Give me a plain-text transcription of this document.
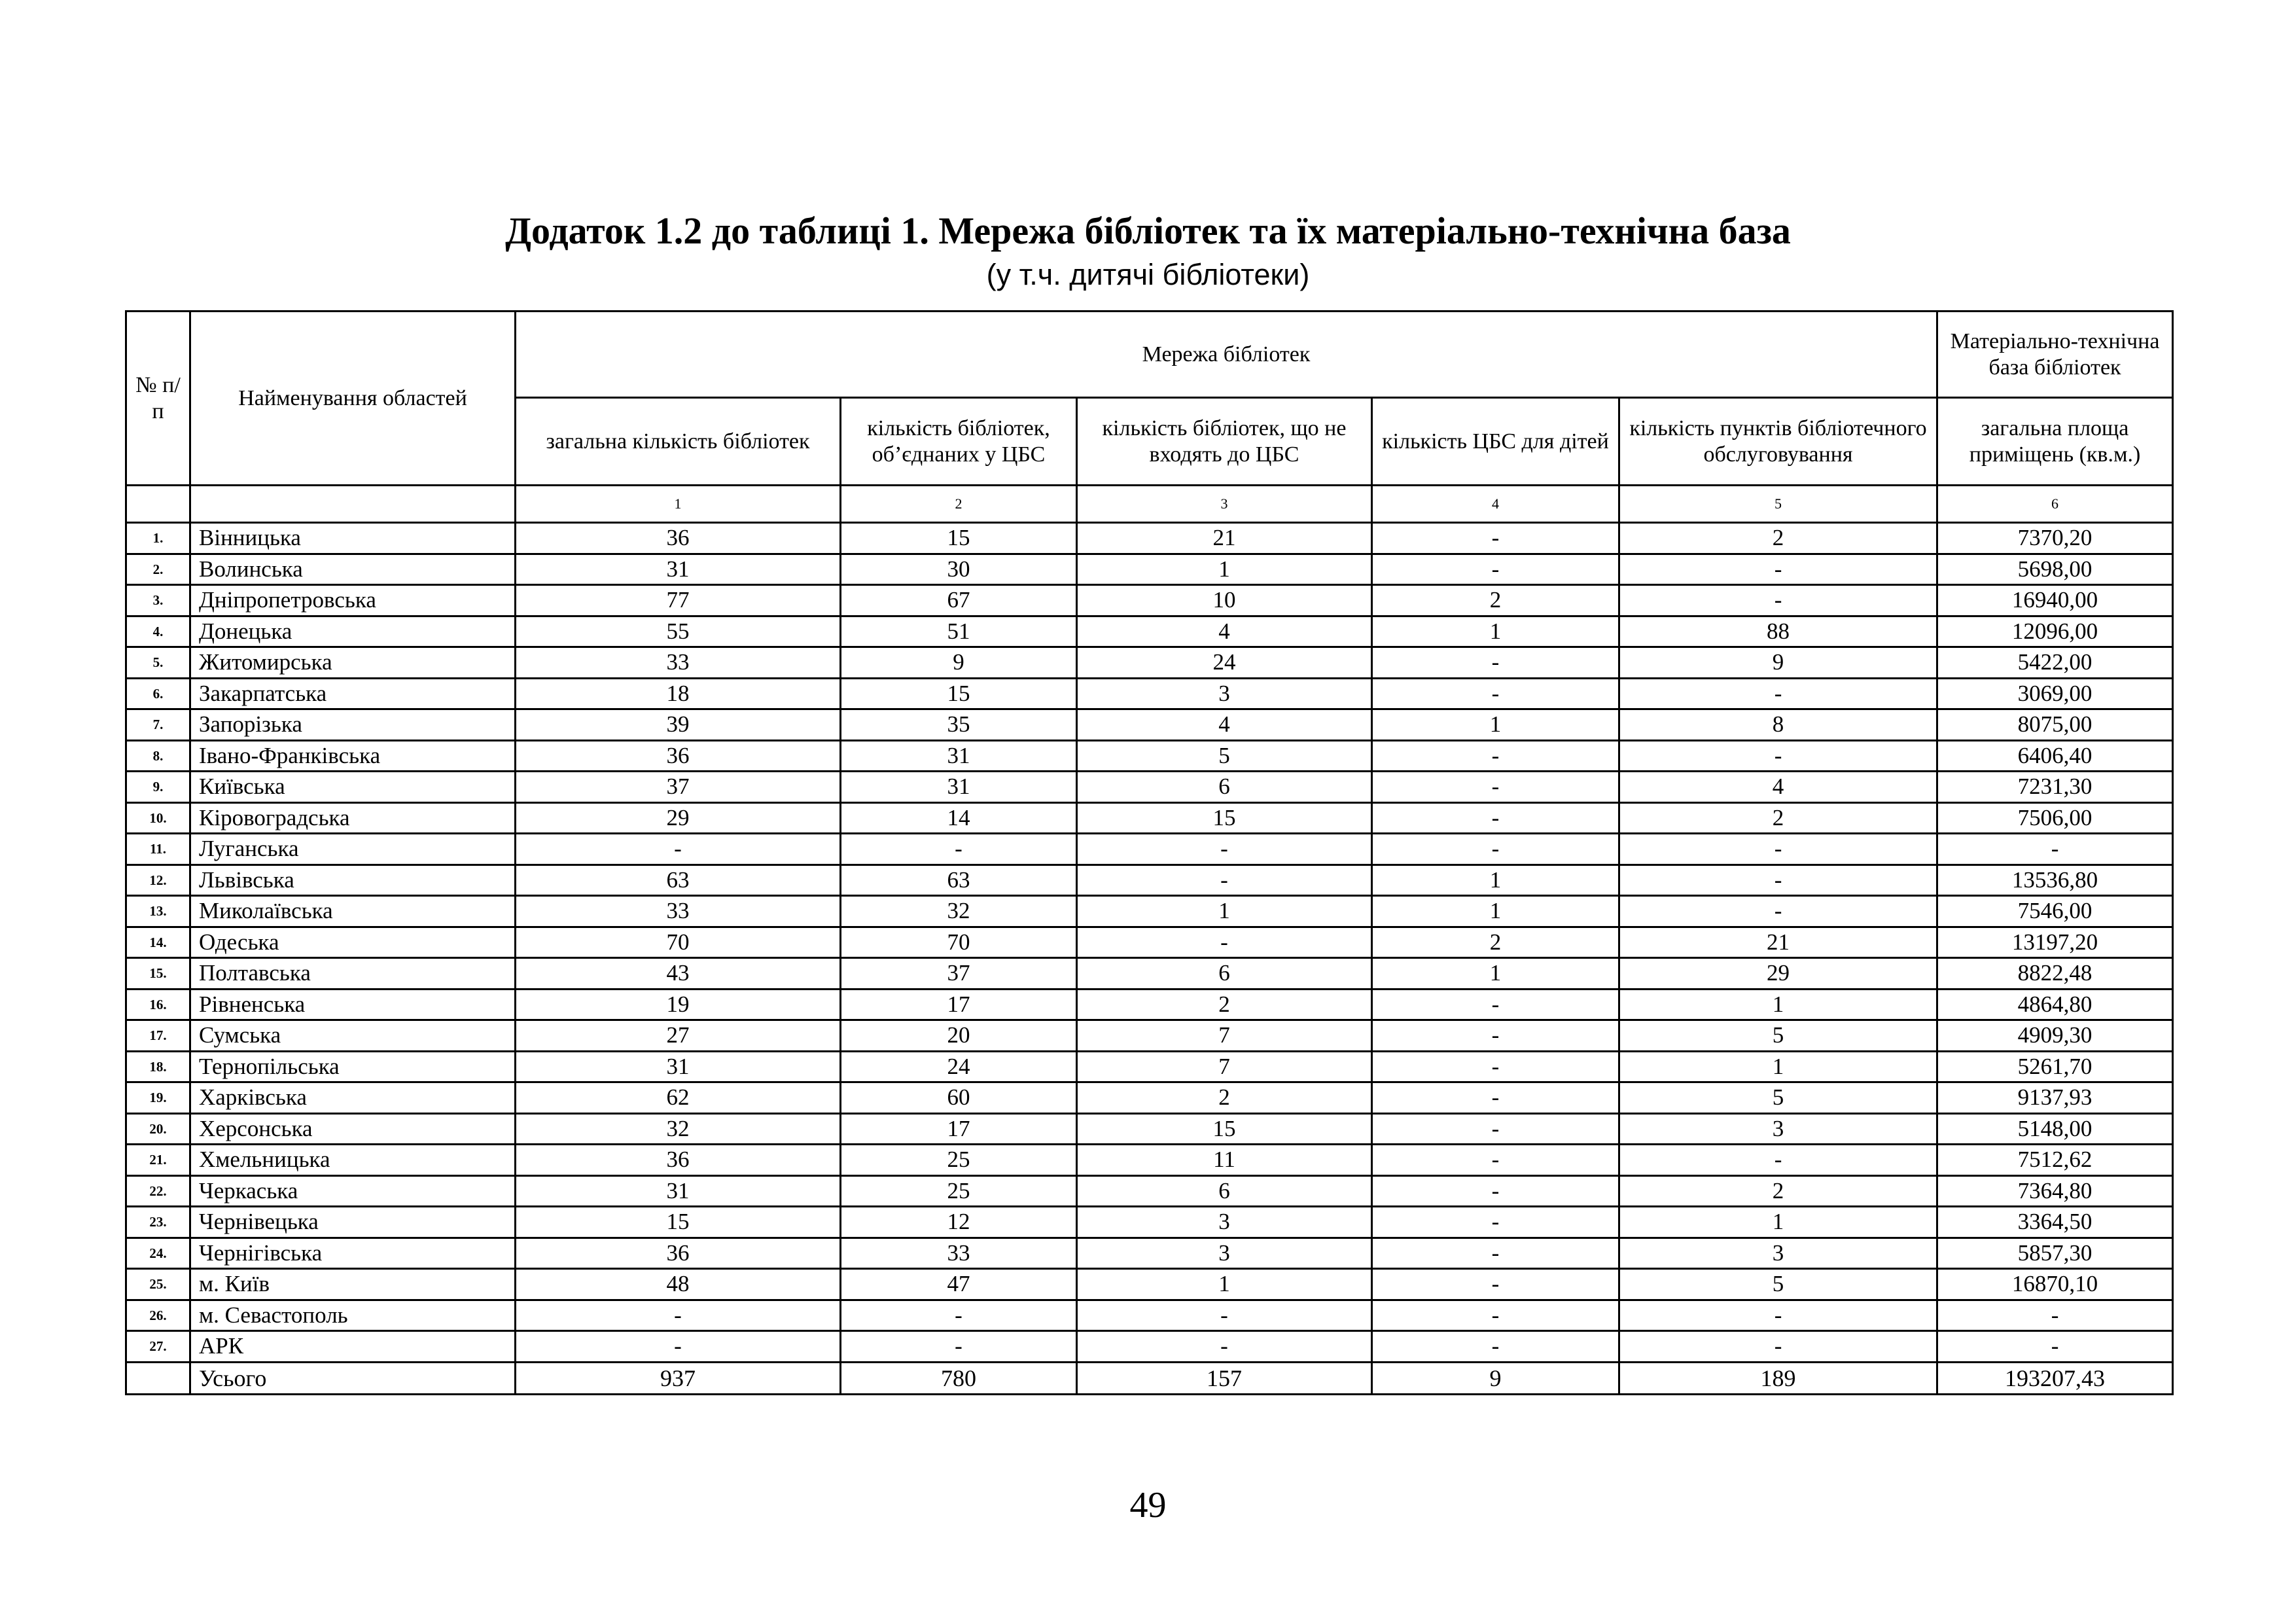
Додаток 1.2 до таблиці 1. Мережа бібліотек та їх матеріально-технічна база
(у т.ч. дитячі бібліотеки)
№ п/п	Найменування областей	Мережа бібліотек					Матеріально-технічна база бібліотек
		загальна кількість бібліотек	кількість бібліотек, об’єднаних у ЦБС	кількість бібліотек, що не входять до ЦБС	кількість ЦБС для дітей	кількість пунктів бібліотечного обслуговування	загальна площа приміщень (кв.м.)
		1	2	3	4	5	6
1.	Вінницька	36	15	21	-	2	7370,20
2.	Волинська	31	30	1	-	-	5698,00
3.	Дніпропетровська	77	67	10	2	-	16940,00
4.	Донецька	55	51	4	1	88	12096,00
5.	Житомирська	33	9	24	-	9	5422,00
6.	Закарпатська	18	15	3	-	-	3069,00
7.	Запорізька	39	35	4	1	8	8075,00
8.	Івано-Франківська	36	31	5	-	-	6406,40
9.	Київська	37	31	6	-	4	7231,30
10.	Кіровоградська	29	14	15	-	2	7506,00
11.	Луганська	-	-	-	-	-	-
12.	Львівська	63	63	-	1	-	13536,80
13.	Миколаївська	33	32	1	1	-	7546,00
14.	Одеська	70	70	-	2	21	13197,20
15.	Полтавська	43	37	6	1	29	8822,48
16.	Рівненська	19	17	2	-	1	4864,80
17.	Сумська	27	20	7	-	5	4909,30
18.	Тернопільська	31	24	7	-	1	5261,70
19.	Харківська	62	60	2	-	5	9137,93
20.	Херсонська	32	17	15	-	3	5148,00
21.	Хмельницька	36	25	11	-	-	7512,62
22.	Черкаська	31	25	6	-	2	7364,80
23.	Чернівецька	15	12	3	-	1	3364,50
24.	Чернігівська	36	33	3	-	3	5857,30
25.	м. Київ	48	47	1	-	5	16870,10
26.	м. Севастополь	-	-	-	-	-	-
27.	АРК	-	-	-	-	-	-
	Усього	937	780	157	9	189	193207,43
49
